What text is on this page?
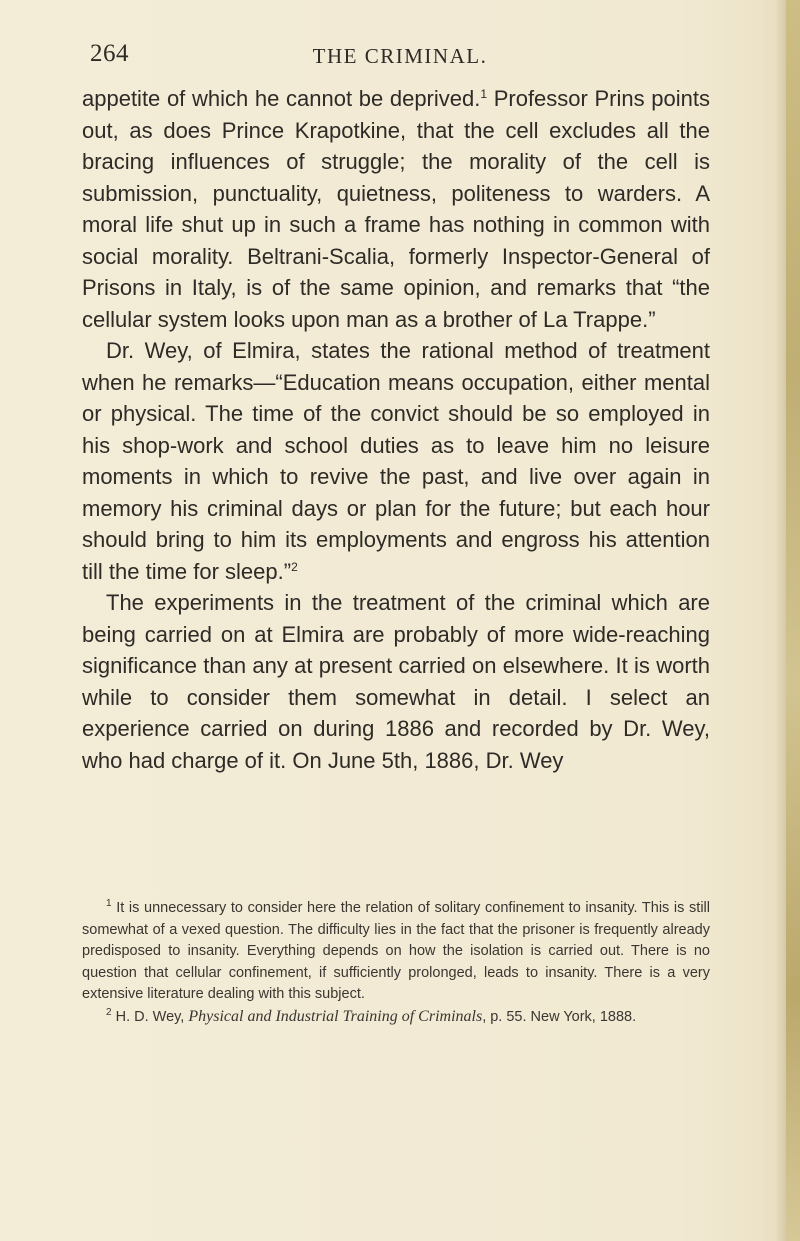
264	THE CRIMINAL.

appetite of which he cannot be deprived.$^1$ Professor Prins points out, as does Prince Krapotkine, that the cell excludes all the bracing influences of struggle; the morality of the cell is submission, punctuality, quietness, politeness to warders. A moral life shut up in such a frame has nothing in common with social morality. Beltrani-Scalia, formerly Inspector-General of Prisons in Italy, is of the same opinion, and remarks that “the cellular system looks upon man as a brother of La Trappe.”

Dr. Wey, of Elmira, states the rational method of treatment when he remarks—“Education means occupation, either mental or physical. The time of the convict should be so employed in his shop-work and school duties as to leave him no leisure moments in which to revive the past, and live over again in memory his criminal days or plan for the future; but each hour should bring to him its employments and engross his attention till the time for sleep.”$^2$

The experiments in the treatment of the criminal which are being carried on at Elmira are probably of more wide-reaching significance than any at present carried on elsewhere. It is worth while to consider them somewhat in detail. I select an experience carried on during 1886 and recorded by Dr. Wey, who had charge of it. On June 5th, 1886, Dr. Wey

$^1$ It is unnecessary to consider here the relation of solitary confinement to insanity. This is still somewhat of a vexed question. The difficulty lies in the fact that the prisoner is frequently already predisposed to insanity. Everything depends on how the isolation is carried out. There is no question that cellular confinement, if sufficiently prolonged, leads to insanity. There is a very extensive literature dealing with this subject.

$^2$ H. D. Wey, Physical and Industrial Training of Criminals, p. 55. New York, 1888.
